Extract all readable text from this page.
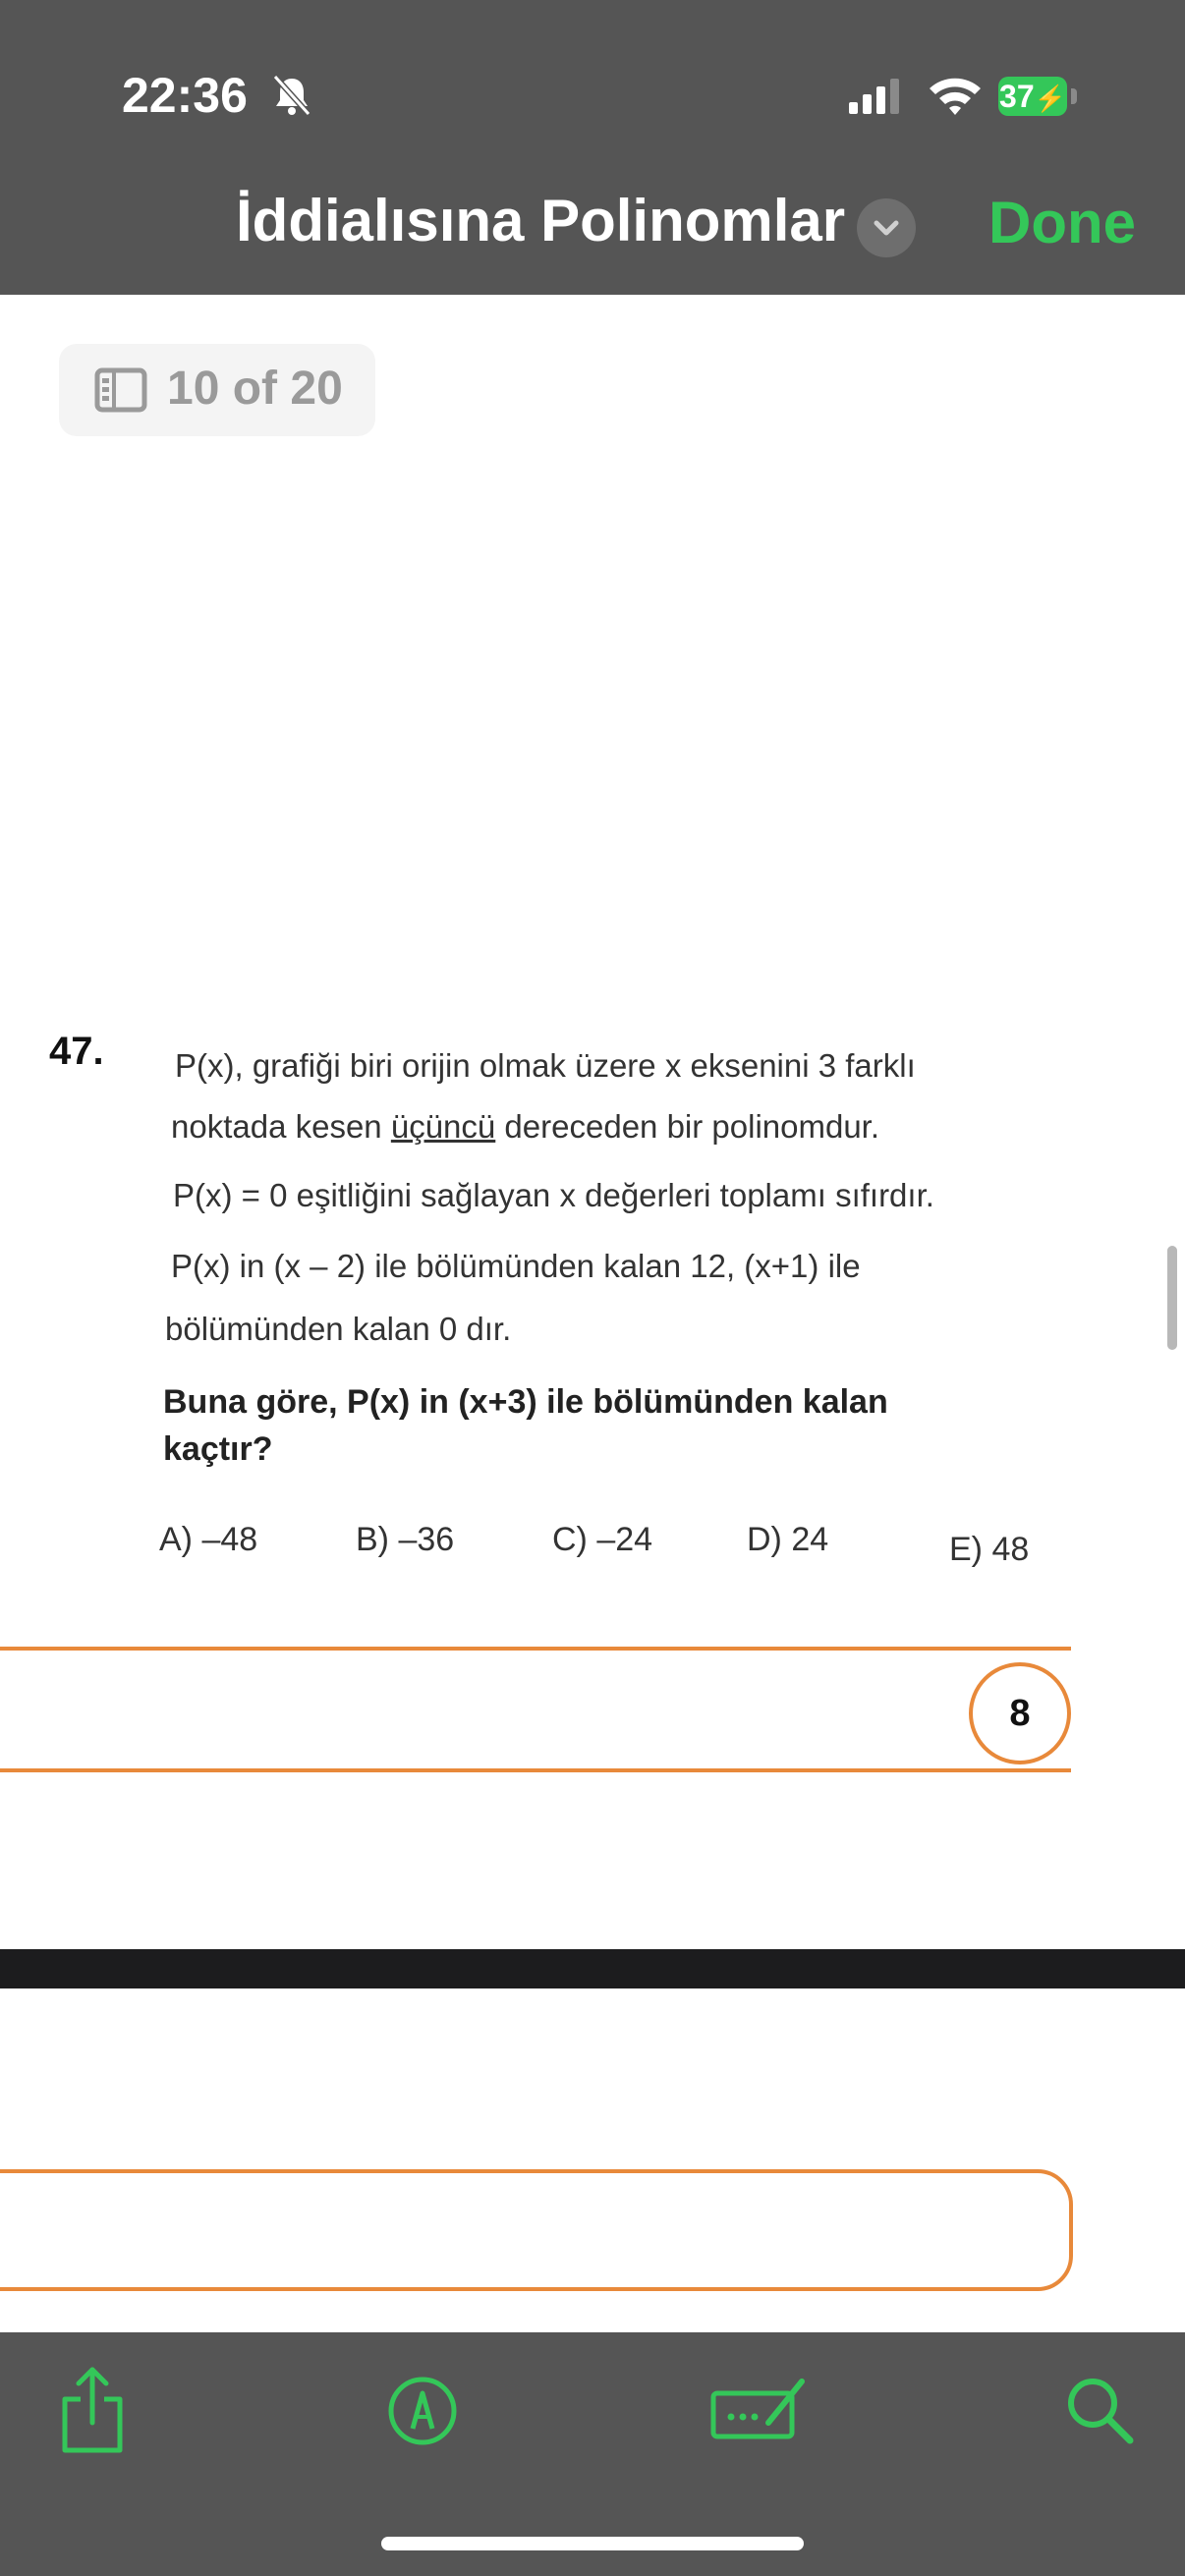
22:36	37⚡
İddialısına Polinomlar Done
10 of 20
47. P(x), grafiği biri orijin olmak üzere x eksenini 3 farklı
noktada kesen üçüncü dereceden bir polinomdur.
P(x) = 0 eşitliğini sağlayan x değerleri toplamı sıfırdır.
P(x) in (x – 2) ile bölümünden kalan 12, (x+1) ile
bölümünden kalan 0 dır.
Buna göre, P(x) in (x+3) ile bölümünden kalan
kaçtır?
A) –48	B) –36	C) –24	D) 24	E) 48
8
